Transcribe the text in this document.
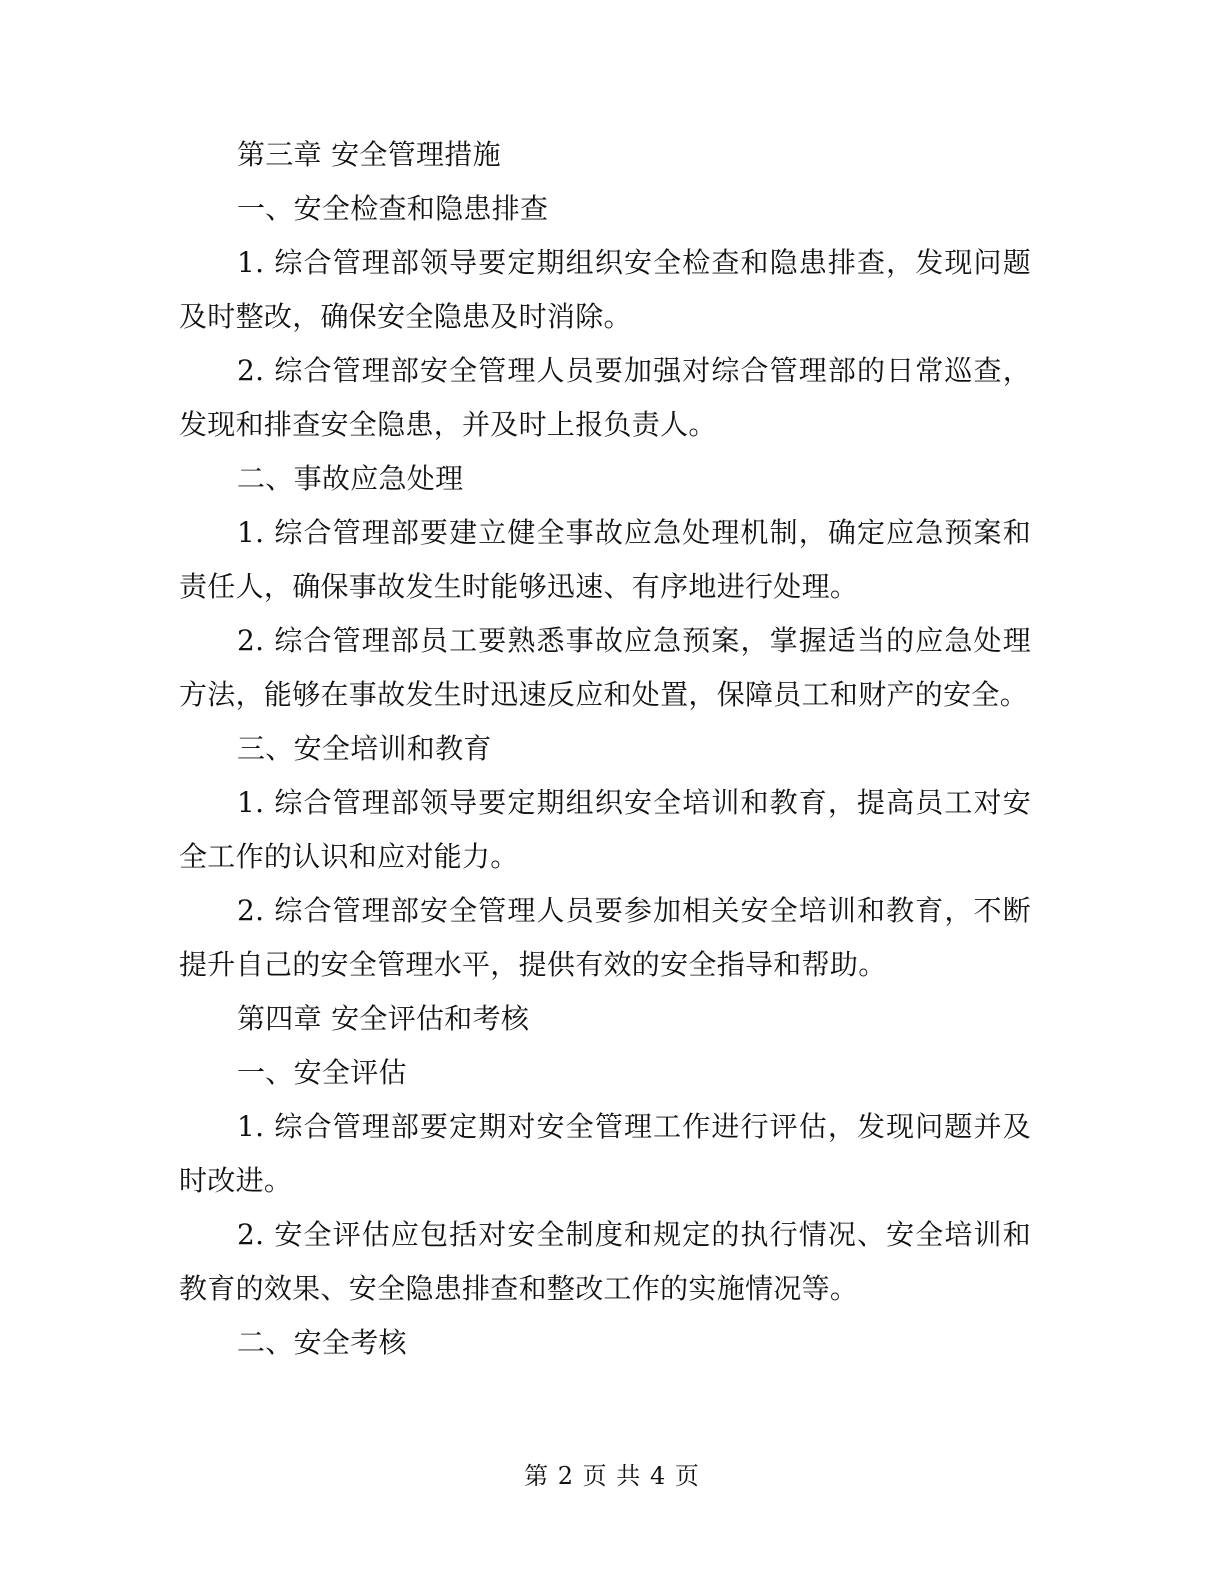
第三章 安全管理措施

一、安全检查和隐患排查

1. 综合管理部领导要定期组织安全检查和隐患排查，发现问题及时整改，确保安全隐患及时消除。

2. 综合管理部安全管理人员要加强对综合管理部的日常巡查，发现和排查安全隐患，并及时上报负责人。

二、事故应急处理

1. 综合管理部要建立健全事故应急处理机制，确定应急预案和责任人，确保事故发生时能够迅速、有序地进行处理。

2. 综合管理部员工要熟悉事故应急预案，掌握适当的应急处理方法，能够在事故发生时迅速反应和处置，保障员工和财产的安全。

三、安全培训和教育

1. 综合管理部领导要定期组织安全培训和教育，提高员工对安全工作的认识和应对能力。

2. 综合管理部安全管理人员要参加相关安全培训和教育，不断提升自己的安全管理水平，提供有效的安全指导和帮助。

第四章 安全评估和考核

一、安全评估

1. 综合管理部要定期对安全管理工作进行评估，发现问题并及时改进。

2. 安全评估应包括对安全制度和规定的执行情况、安全培训和教育的效果、安全隐患排查和整改工作的实施情况等。

二、安全考核

第 2 页 共 4 页
